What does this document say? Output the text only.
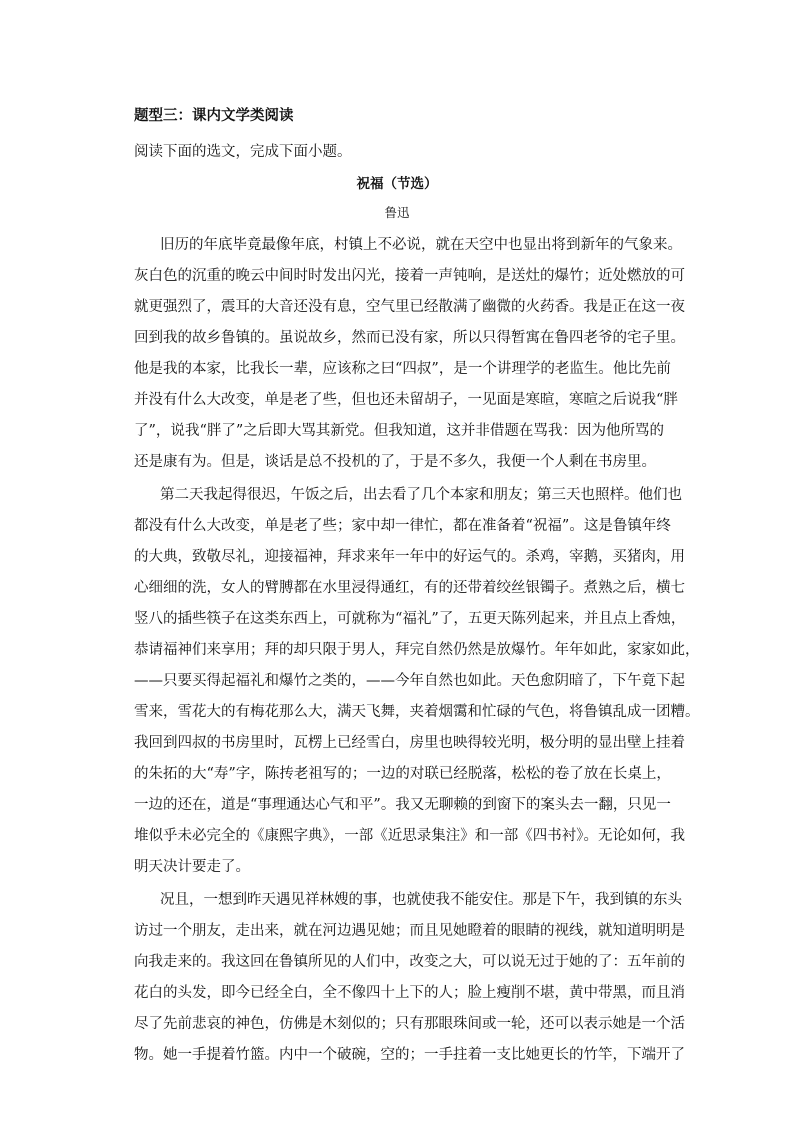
题型三：课内文学类阅读
阅读下面的选文，完成下面小题。
祝福（节选）
鲁迅
旧历的年底毕竟最像年底，村镇上不必说，就在天空中也显出将到新年的气象来。
灰白色的沉重的晚云中间时时发出闪光，接着一声钝响，是送灶的爆竹；近处燃放的可
就更强烈了，震耳的大音还没有息，空气里已经散满了幽微的火药香。我是正在这一夜
回到我的故乡鲁镇的。虽说故乡，然而已没有家，所以只得暂寓在鲁四老爷的宅子里。
他是我的本家，比我长一辈，应该称之曰“四叔”，是一个讲理学的老监生。他比先前
并没有什么大改变，单是老了些，但也还未留胡子，一见面是寒暄，寒暄之后说我“胖
了”，说我“胖了”之后即大骂其新党。但我知道，这并非借题在骂我：因为他所骂的
还是康有为。但是，谈话是总不投机的了，于是不多久，我便一个人剩在书房里。
第二天我起得很迟，午饭之后，出去看了几个本家和朋友；第三天也照样。他们也
都没有什么大改变，单是老了些；家中却一律忙，都在准备着“祝福”。这是鲁镇年终
的大典，致敬尽礼，迎接福神，拜求来年一年中的好运气的。杀鸡，宰鹅，买猪肉，用
心细细的洗，女人的臂膊都在水里浸得通红，有的还带着绞丝银镯子。煮熟之后，横七
竖八的插些筷子在这类东西上，可就称为“福礼”了，五更天陈列起来，并且点上香烛，
恭请福神们来享用；拜的却只限于男人，拜完自然仍然是放爆竹。年年如此，家家如此，
——只要买得起福礼和爆竹之类的，——今年自然也如此。天色愈阴暗了，下午竟下起
雪来，雪花大的有梅花那么大，满天飞舞，夹着烟霭和忙碌的气色，将鲁镇乱成一团糟。
我回到四叔的书房里时，瓦楞上已经雪白，房里也映得较光明，极分明的显出壁上挂着
的朱拓的大“寿”字，陈抟老祖写的；一边的对联已经脱落，松松的卷了放在长桌上，
一边的还在，道是“事理通达心气和平”。我又无聊赖的到窗下的案头去一翻，只见一
堆似乎未必完全的《康熙字典》，一部《近思录集注》和一部《四书衬》。无论如何，我
明天决计要走了。
况且，一想到昨天遇见祥林嫂的事，也就使我不能安住。那是下午，我到镇的东头
访过一个朋友，走出来，就在河边遇见她；而且见她瞪着的眼睛的视线，就知道明明是
向我走来的。我这回在鲁镇所见的人们中，改变之大，可以说无过于她的了：五年前的
花白的头发，即今已经全白，全不像四十上下的人；脸上瘦削不堪，黄中带黑，而且消
尽了先前悲哀的神色，仿佛是木刻似的；只有那眼珠间或一轮，还可以表示她是一个活
物。她一手提着竹篮。内中一个破碗，空的；一手拄着一支比她更长的竹竿，下端开了
